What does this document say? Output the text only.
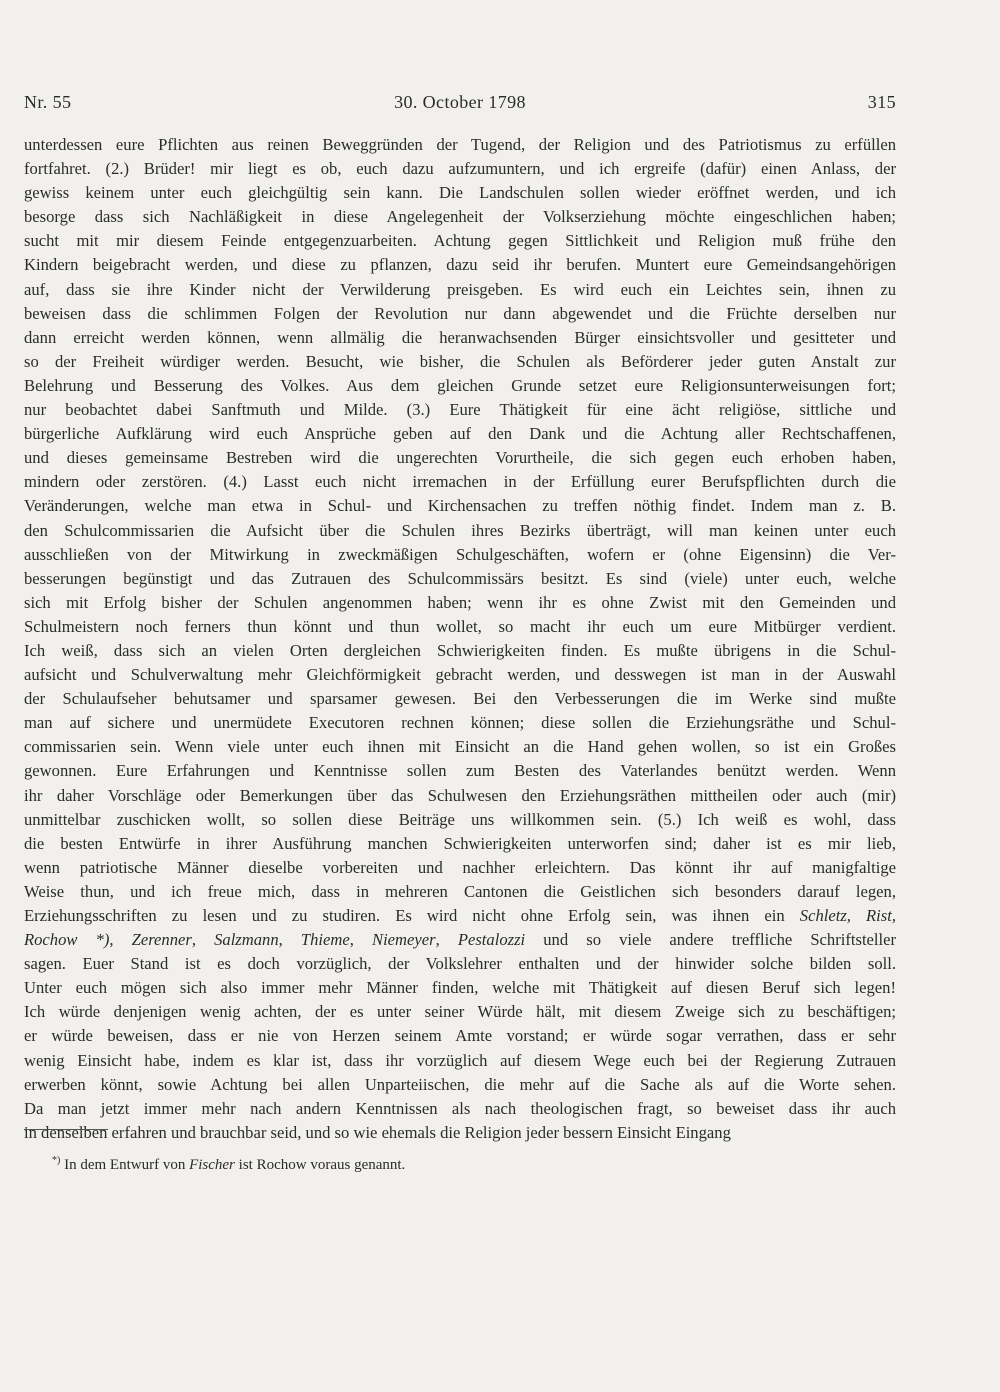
Nr. 55	30. October 1798	315
unterdessen eure Pflichten aus reinen Beweggründen der Tugend, der Religion und des Patriotismus zu erfüllen
fortfahret. (2.) Brüder! mir liegt es ob, euch dazu aufzumuntern, und ich ergreife (dafür) einen Anlass, der
gewiss keinem unter euch gleichgültig sein kann. Die Landschulen sollen wieder eröffnet werden, und ich
besorge dass sich Nachläßigkeit in diese Angelegenheit der Volkserziehung möchte eingeschlichen haben;
sucht mit mir diesem Feinde entgegenzuarbeiten. Achtung gegen Sittlichkeit und Religion muß frühe den
Kindern beigebracht werden, und diese zu pflanzen, dazu seid ihr berufen. Muntert eure Gemeindsangehörigen
auf, dass sie ihre Kinder nicht der Verwilderung preisgeben. Es wird euch ein Leichtes sein, ihnen zu
beweisen dass die schlimmen Folgen der Revolution nur dann abgewendet und die Früchte derselben nur
dann erreicht werden können, wenn allmälig die heranwachsenden Bürger einsichtsvoller und gesitteter und
so der Freiheit würdiger werden. Besucht, wie bisher, die Schulen als Beförderer jeder guten Anstalt zur
Belehrung und Besserung des Volkes. Aus dem gleichen Grunde setzet eure Religionsunterweisungen fort;
nur beobachtet dabei Sanftmuth und Milde. (3.) Eure Thätigkeit für eine ächt religiöse, sittliche und
bürgerliche Aufklärung wird euch Ansprüche geben auf den Dank und die Achtung aller Rechtschaffenen,
und dieses gemeinsame Bestreben wird die ungerechten Vorurtheile, die sich gegen euch erhoben haben,
mindern oder zerstören. (4.) Lasst euch nicht irremachen in der Erfüllung eurer Berufspflichten durch die
Veränderungen, welche man etwa in Schul- und Kirchensachen zu treffen nöthig findet. Indem man z. B.
den Schulcommissarien die Aufsicht über die Schulen ihres Bezirks überträgt, will man keinen unter euch
ausschließen von der Mitwirkung in zweckmäßigen Schulgeschäften, wofern er (ohne Eigensinn) die Ver-
besserungen begünstigt und das Zutrauen des Schulcommissärs besitzt. Es sind (viele) unter euch, welche
sich mit Erfolg bisher der Schulen angenommen haben; wenn ihr es ohne Zwist mit den Gemeinden und
Schulmeistern noch ferners thun könnt und thun wollet, so macht ihr euch um eure Mitbürger verdient.
Ich weiß, dass sich an vielen Orten dergleichen Schwierigkeiten finden. Es mußte übrigens in die Schul-
aufsicht und Schulverwaltung mehr Gleichförmigkeit gebracht werden, und desswegen ist man in der Auswahl
der Schulaufseher behutsamer und sparsamer gewesen. Bei den Verbesserungen die im Werke sind mußte
man auf sichere und unermüdete Executoren rechnen können; diese sollen die Erziehungsräthe und Schul-
commissarien sein. Wenn viele unter euch ihnen mit Einsicht an die Hand gehen wollen, so ist ein Großes
gewonnen. Eure Erfahrungen und Kenntnisse sollen zum Besten des Vaterlandes benützt werden. Wenn
ihr daher Vorschläge oder Bemerkungen über das Schulwesen den Erziehungsräthen mittheilen oder auch (mir)
unmittelbar zuschicken wollt, so sollen diese Beiträge uns willkommen sein. (5.) Ich weiß es wohl, dass
die besten Entwürfe in ihrer Ausführung manchen Schwierigkeiten unterworfen sind; daher ist es mir lieb,
wenn patriotische Männer dieselbe vorbereiten und nachher erleichtern. Das könnt ihr auf manigfaltige
Weise thun, und ich freue mich, dass in mehreren Cantonen die Geistlichen sich besonders darauf legen,
Erziehungsschriften zu lesen und zu studiren. Es wird nicht ohne Erfolg sein, was ihnen ein Schletz, Rist,
Rochow *), Zerenner, Salzmann, Thieme, Niemeyer, Pestalozzi und so viele andere treffliche Schriftsteller
sagen. Euer Stand ist es doch vorzüglich, der Volkslehrer enthalten und der hinwider solche bilden soll.
Unter euch mögen sich also immer mehr Männer finden, welche mit Thätigkeit auf diesen Beruf sich legen!
Ich würde denjenigen wenig achten, der es unter seiner Würde hält, mit diesem Zweige sich zu beschäftigen;
er würde beweisen, dass er nie von Herzen seinem Amte vorstand; er würde sogar verrathen, dass er sehr
wenig Einsicht habe, indem es klar ist, dass ihr vorzüglich auf diesem Wege euch bei der Regierung Zutrauen
erwerben könnt, sowie Achtung bei allen Unparteiischen, die mehr auf die Sache als auf die Worte sehen.
Da man jetzt immer mehr nach andern Kenntnissen als nach theologischen fragt, so beweiset dass ihr auch
in denselben erfahren und brauchbar seid, und so wie ehemals die Religion jeder bessern Einsicht Eingang
*) In dem Entwurf von Fischer ist Rochow voraus genannt.
